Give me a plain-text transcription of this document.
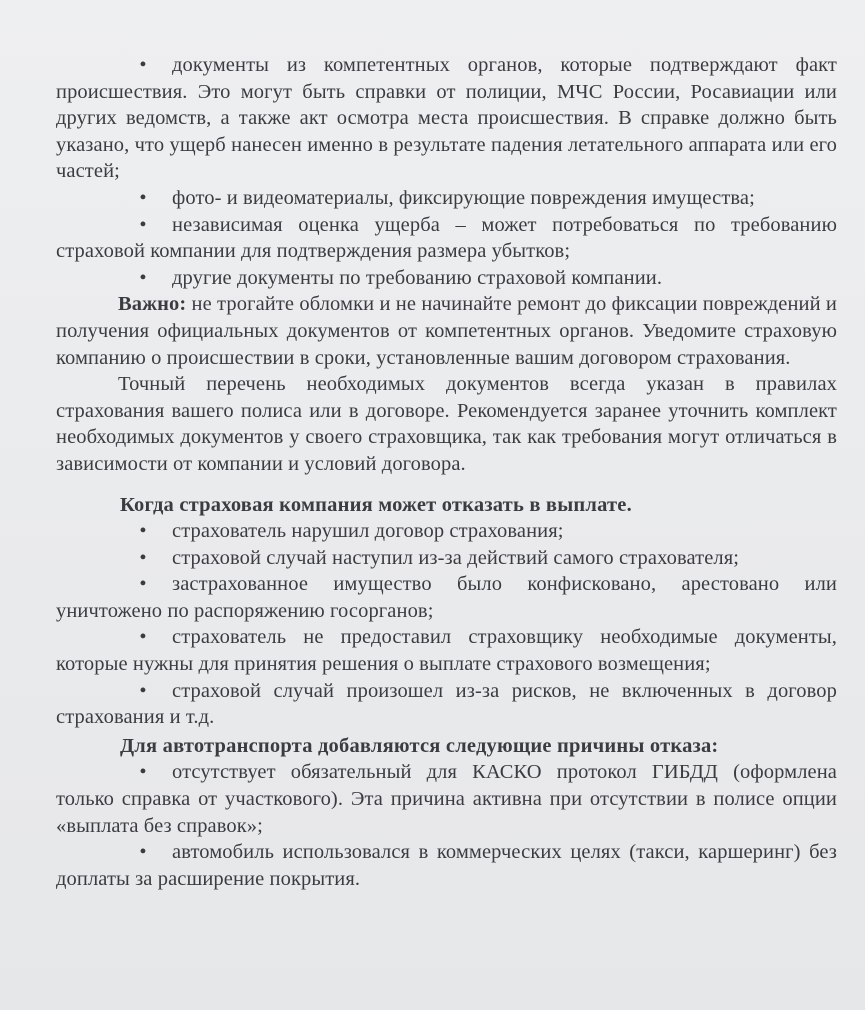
• документы из компетентных органов, которые подтверждают факт происшествия. Это могут быть справки от полиции, МЧС России, Росавиации или других ведомств, а также акт осмотра места происшествия. В справке должно быть указано, что ущерб нанесен именно в результате падения летательного аппарата или его частей;

• фото- и видеоматериалы, фиксирующие повреждения имущества;

• независимая оценка ущерба – может потребоваться по требованию страховой компании для подтверждения размера убытков;

• другие документы по требованию страховой компании.

Важно: не трогайте обломки и не начинайте ремонт до фиксации повреждений и получения официальных документов от компетентных органов. Уведомите страховую компанию о происшествии в сроки, установленные вашим договором страхования.

Точный перечень необходимых документов всегда указан в правилах страхования вашего полиса или в договоре. Рекомендуется заранее уточнить комплект необходимых документов у своего страховщика, так как требования могут отличаться в зависимости от компании и условий договора.

Когда страховая компания может отказать в выплате.

• страхователь нарушил договор страхования;

• страховой случай наступил из-за действий самого страхователя;

• застрахованное имущество было конфисковано, арестовано или уничтожено по распоряжению госорганов;

• страхователь не предоставил страховщику необходимые документы, которые нужны для принятия решения о выплате страхового возмещения;

• страховой случай произошел из-за рисков, не включенных в договор страхования и т.д.

Для автотранспорта добавляются следующие причины отказа:

• отсутствует обязательный для КАСКО протокол ГИБДД (оформлена только справка от участкового). Эта причина активна при отсутствии в полисе опции «выплата без справок»;

• автомобиль использовался в коммерческих целях (такси, каршеринг) без доплаты за расширение покрытия.
